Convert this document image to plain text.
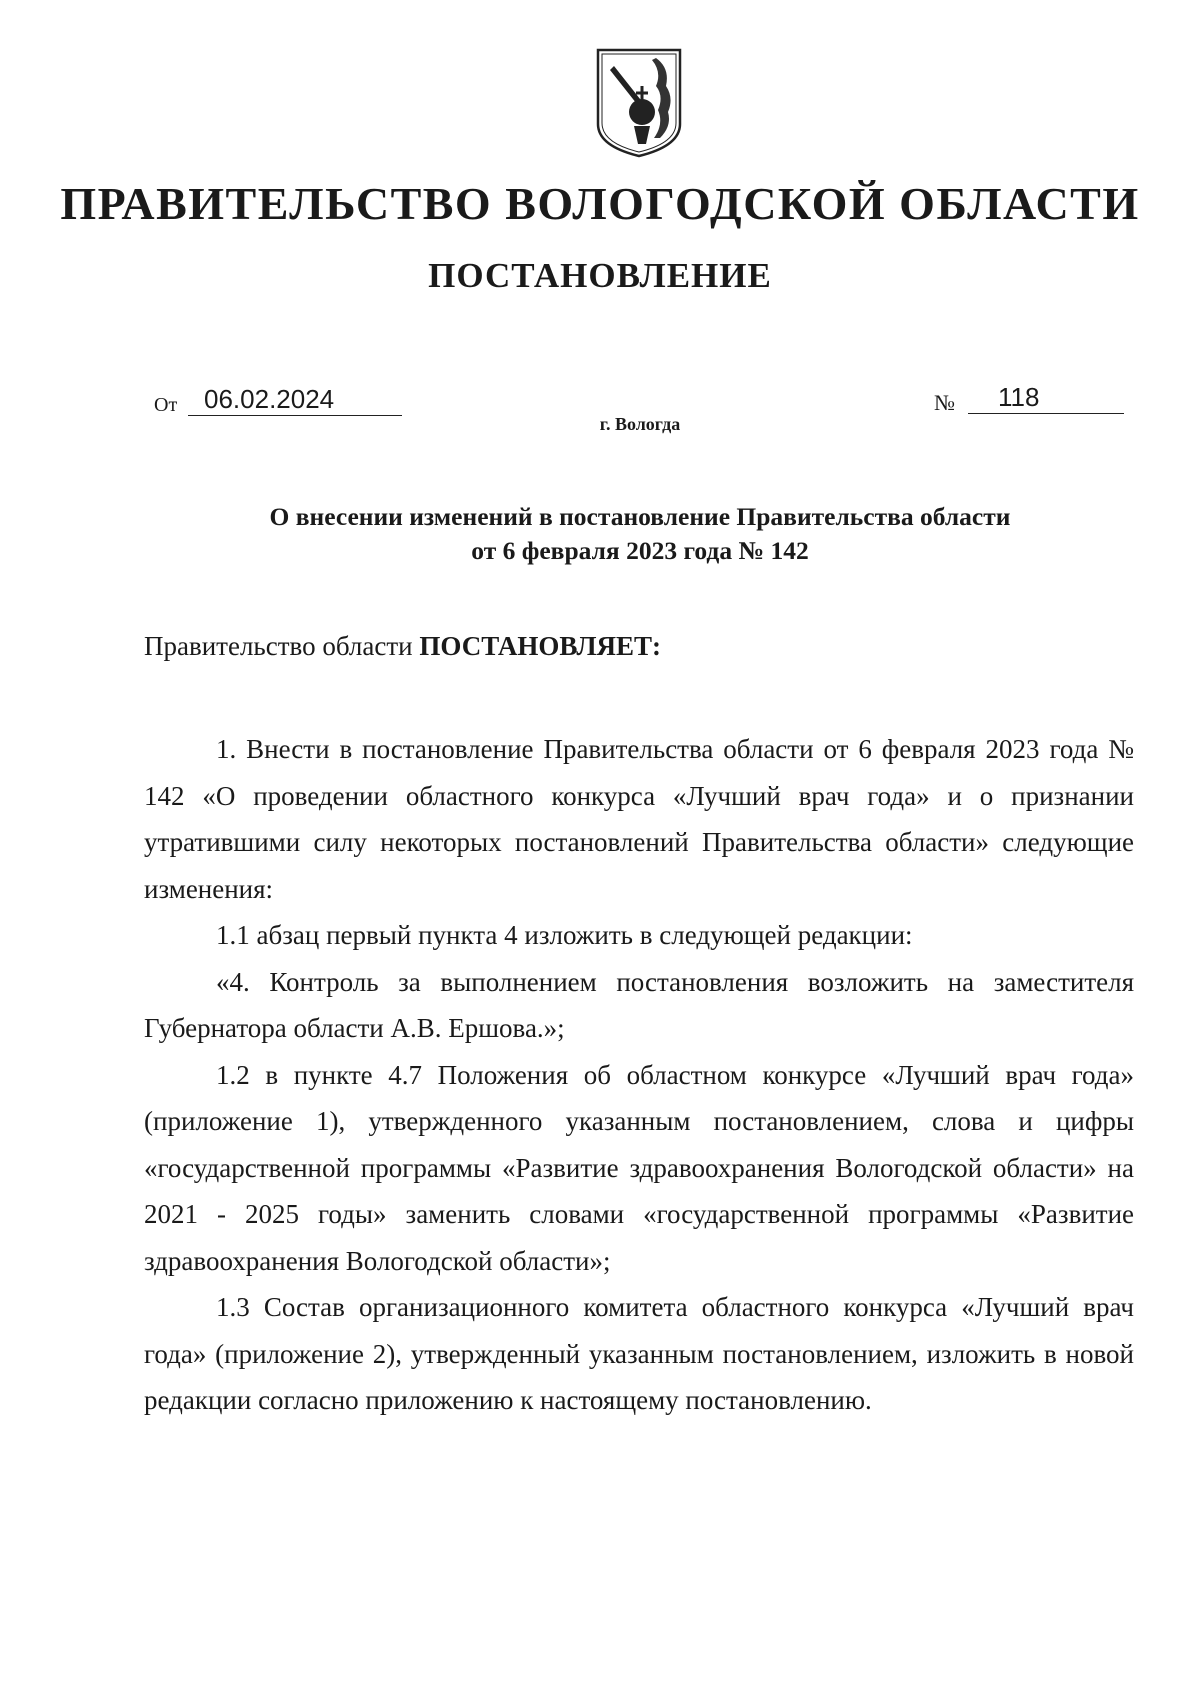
ПРАВИТЕЛЬСТВО ВОЛОГОДСКОЙ ОБЛАСТИ
ПОСТАНОВЛЕНИЕ
От 06.02.2024	№ 118
г. Вологда
О внесении изменений в постановление Правительства области
от 6 февраля 2023 года № 142
Правительство области ПОСТАНОВЛЯЕТ:

1. Внести в постановление Правительства области от 6 февраля 2023 года № 142 «О проведении областного конкурса «Лучший врач года» и о признании утратившими силу некоторых постановлений Правительства области» следующие изменения:

1.1 абзац первый пункта 4 изложить в следующей редакции:

«4. Контроль за выполнением постановления возложить на заместителя Губернатора области А.В. Ершова.»;

1.2 в пункте 4.7 Положения об областном конкурсе «Лучший врач года» (приложение 1), утвержденного указанным постановлением, слова и цифры «государственной программы «Развитие здравоохранения Вологодской области» на 2021 - 2025 годы» заменить словами «государственной программы «Развитие здравоохранения Вологодской области»;

1.3 Состав организационного комитета областного конкурса «Лучший врач года» (приложение 2), утвержденный указанным постановлением, изложить в новой редакции согласно приложению к настоящему постановлению.
